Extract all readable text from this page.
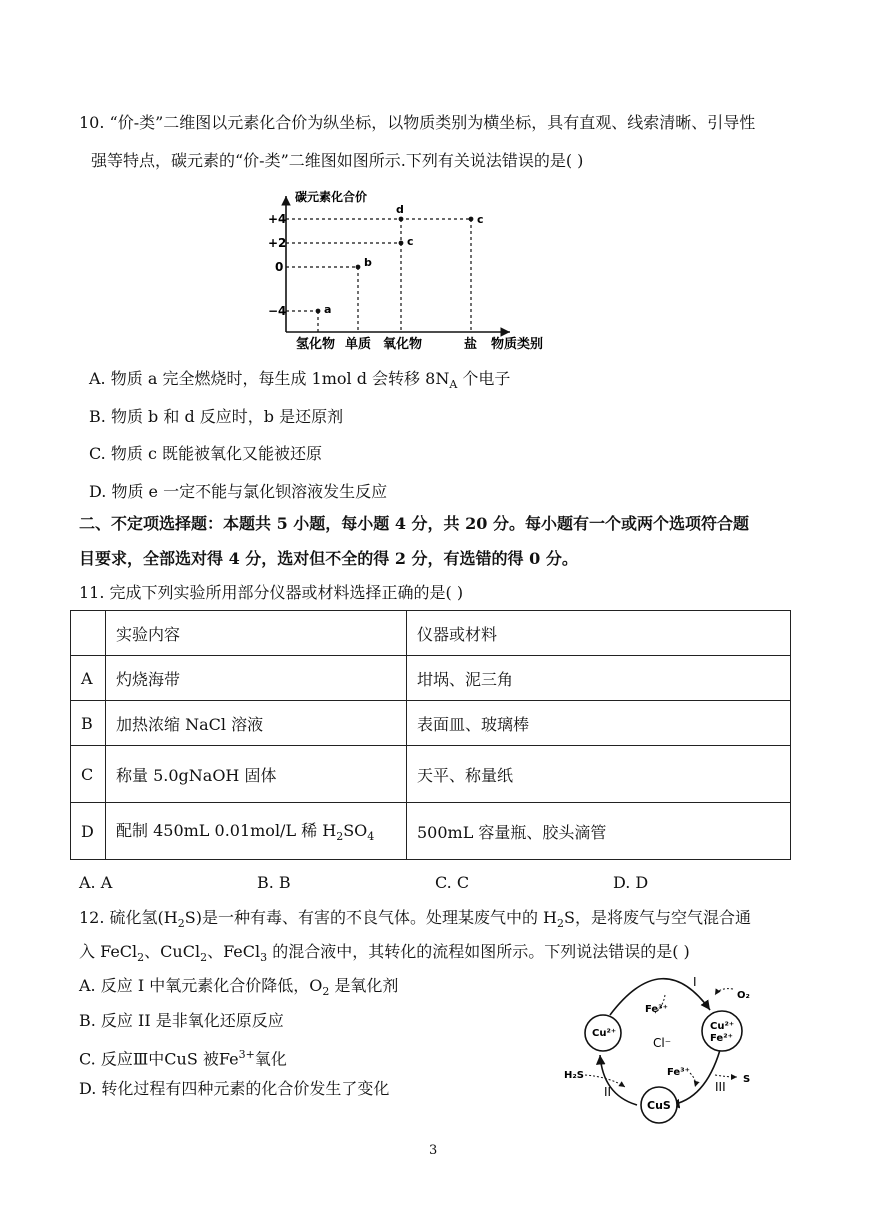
10. “价-类”二维图以元素化合价为纵坐标，以物质类别为横坐标，具有直观、线索清晰、引导性
强等特点，碳元素的“价-类”二维图如图所示.下列有关说法错误的是( )
碳元素化合价
+4
+2
0
−4	a
b
c
d
c
氢化物 单质 氧化物	盐 物质类别
A. 物质 a 完全燃烧时，每生成 1mol d 会转移 $8N_A$ 个电子
B. 物质 b 和 d 反应时，b 是还原剂
C. 物质 c 既能被氧化又能被还原
D. 物质 e 一定不能与氯化钡溶液发生反应
二、不定项选择题：本题共 5 小题，每小题 4 分，共 20 分。每小题有一个或两个选项符合题
目要求，全部选对得 4 分，选对但不全的得 2 分，有选错的得 0 分。
11. 完成下列实验所用部分仪器或材料选择正确的是( )
	实验内容	仪器或材料
A	灼烧海带	坩埚、泥三角
B	加热浓缩 NaCl 溶液	表面皿、玻璃棒
C	称量 5.0gNaOH 固体	天平、称量纸
D	配制 450mL 0.01mol/L 稀 $H_2SO_4$	500mL 容量瓶、胶头滴管
A. A	B. B	C. C	D. D
12. 硫化氢$(H_2S)$是一种有毒、有害的不良气体。处理某废气中的 $H_2S$，是将废气与空气混合通
入 FeCl$_2$、CuCl$_2$、FeCl$_3$ 的混合液中，其转化的流程如图所示。下列说法错误的是( )
A. 反应 I 中氧元素化合价降低，$O_2$ 是氧化剂
B. 反应 II 是非氧化还原反应
C. 反应Ⅲ中CuS 被$Fe^{3+}$氧化
D. 转化过程有四种元素的化合价发生了变化
Cu²⁺
Cu²⁺
Fe²⁺
CuS
Cl⁻
Fe³⁺
I
O₂
H₂S
II
Fe³⁺
III
S
3
